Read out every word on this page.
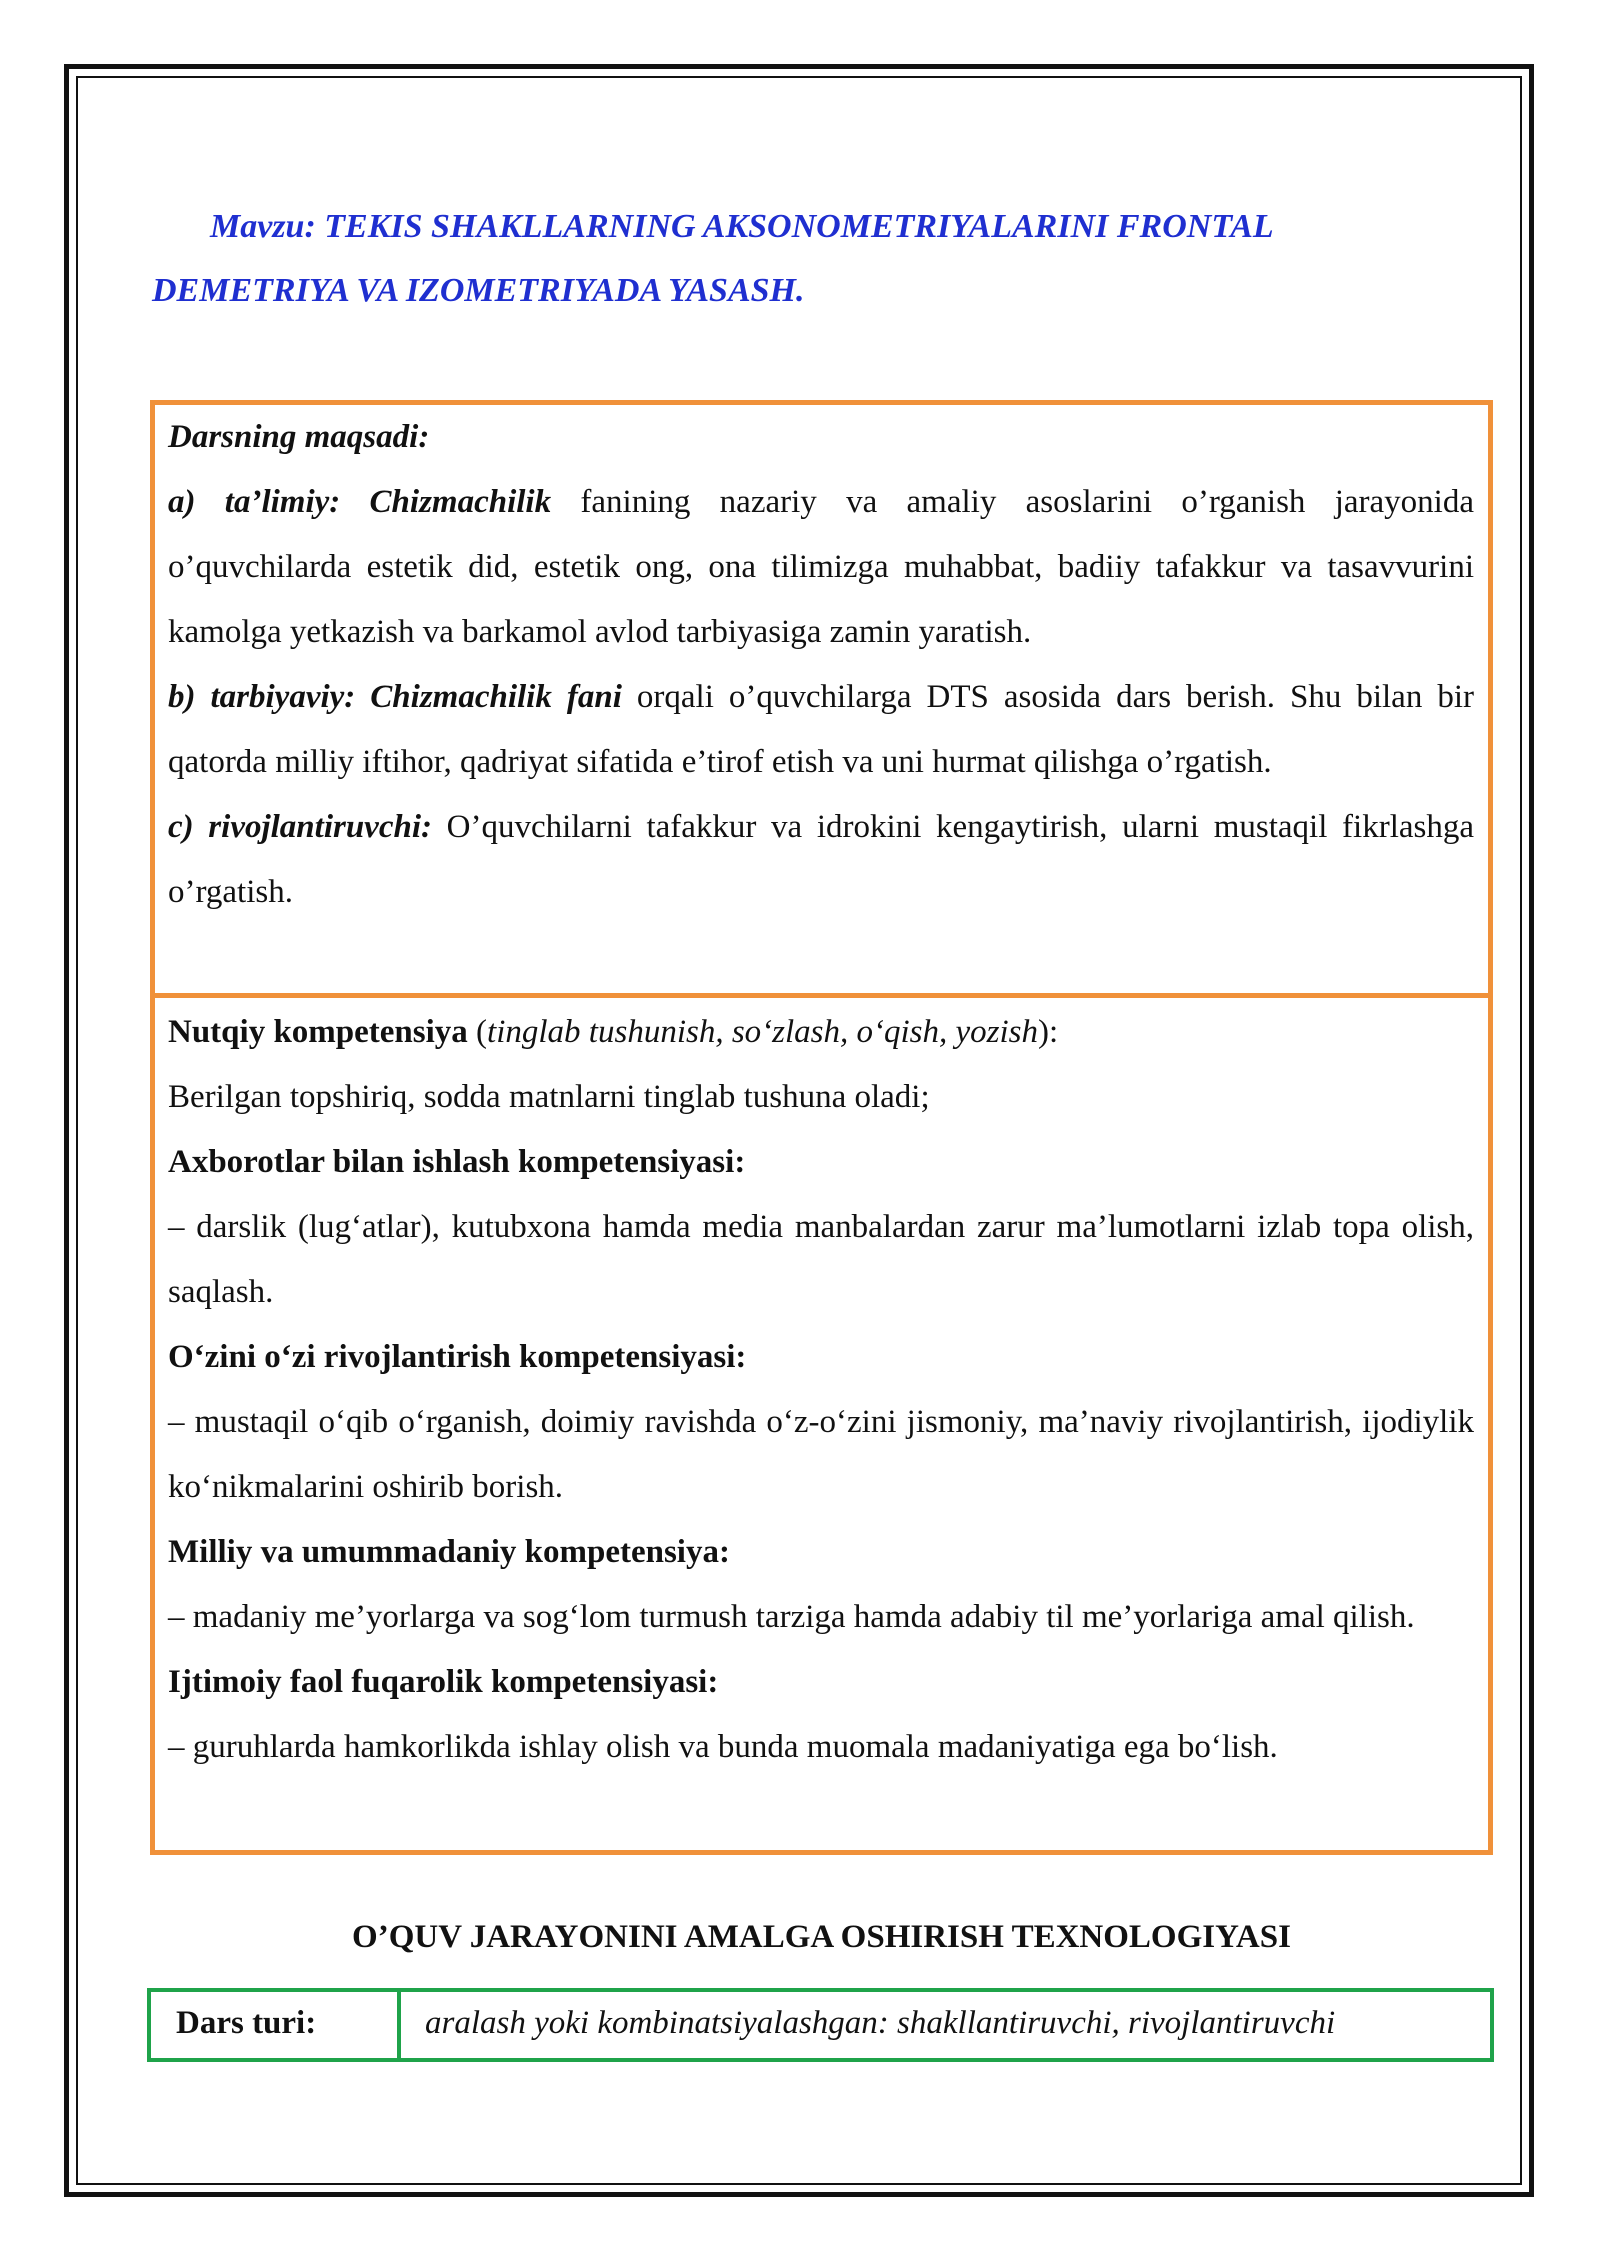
Mavzu: TEKIS SHAKLLARNING AKSONOMETRIYALARINI FRONTAL
DEMETRIYA VA IZOMETRIYADA YASASH.

Darsning maqsadi:

a) ta’limiy: Chizmachilik fanining nazariy va amaliy asoslarini o’rganish jarayonida o’quvchilarda estetik did, estetik ong, ona tilimizga muhabbat, badiiy tafakkur va tasavvurini kamolga yetkazish va barkamol avlod tarbiyasiga zamin yaratish.

b) tarbiyaviy: Chizmachilik fani orqali o’quvchilarga DTS asosida dars berish. Shu bilan bir qatorda milliy iftihor, qadriyat sifatida e’tirof etish va uni hurmat qilishga o’rgatish.

c) rivojlantiruvchi: O’quvchilarni tafakkur va idrokini kengaytirish, ularni mustaqil fikrlashga o’rgatish.

Nutqiy kompetensiya (tinglab tushunish, so‘zlash, o‘qish, yozish):

Berilgan topshiriq, sodda matnlarni tinglab tushuna oladi;

Axborotlar bilan ishlash kompetensiyasi:

– darslik (lug‘atlar), kutubxona hamda media manbalardan zarur ma’lumotlarni izlab topa olish, saqlash.

O‘zini o‘zi rivojlantirish kompetensiyasi:

– mustaqil o‘qib o‘rganish, doimiy ravishda o‘z-o‘zini jismoniy, ma’naviy rivojlantirish, ijodiylik ko‘nikmalarini oshirib borish.

Milliy va umummadaniy kompetensiya:

– madaniy me’yorlarga va sog‘lom turmush tarziga hamda adabiy til me’yorlariga amal qilish.

Ijtimoiy faol fuqarolik kompetensiyasi:

– guruhlarda hamkorlikda ishlay olish va bunda muomala madaniyatiga ega bo‘lish.

O’QUV JARAYONINI AMALGA OSHIRISH TEXNOLOGIYASI
Dars turi:	aralash yoki kombinatsiyalashgan: shakllantiruvchi, rivojlantiruvchi
